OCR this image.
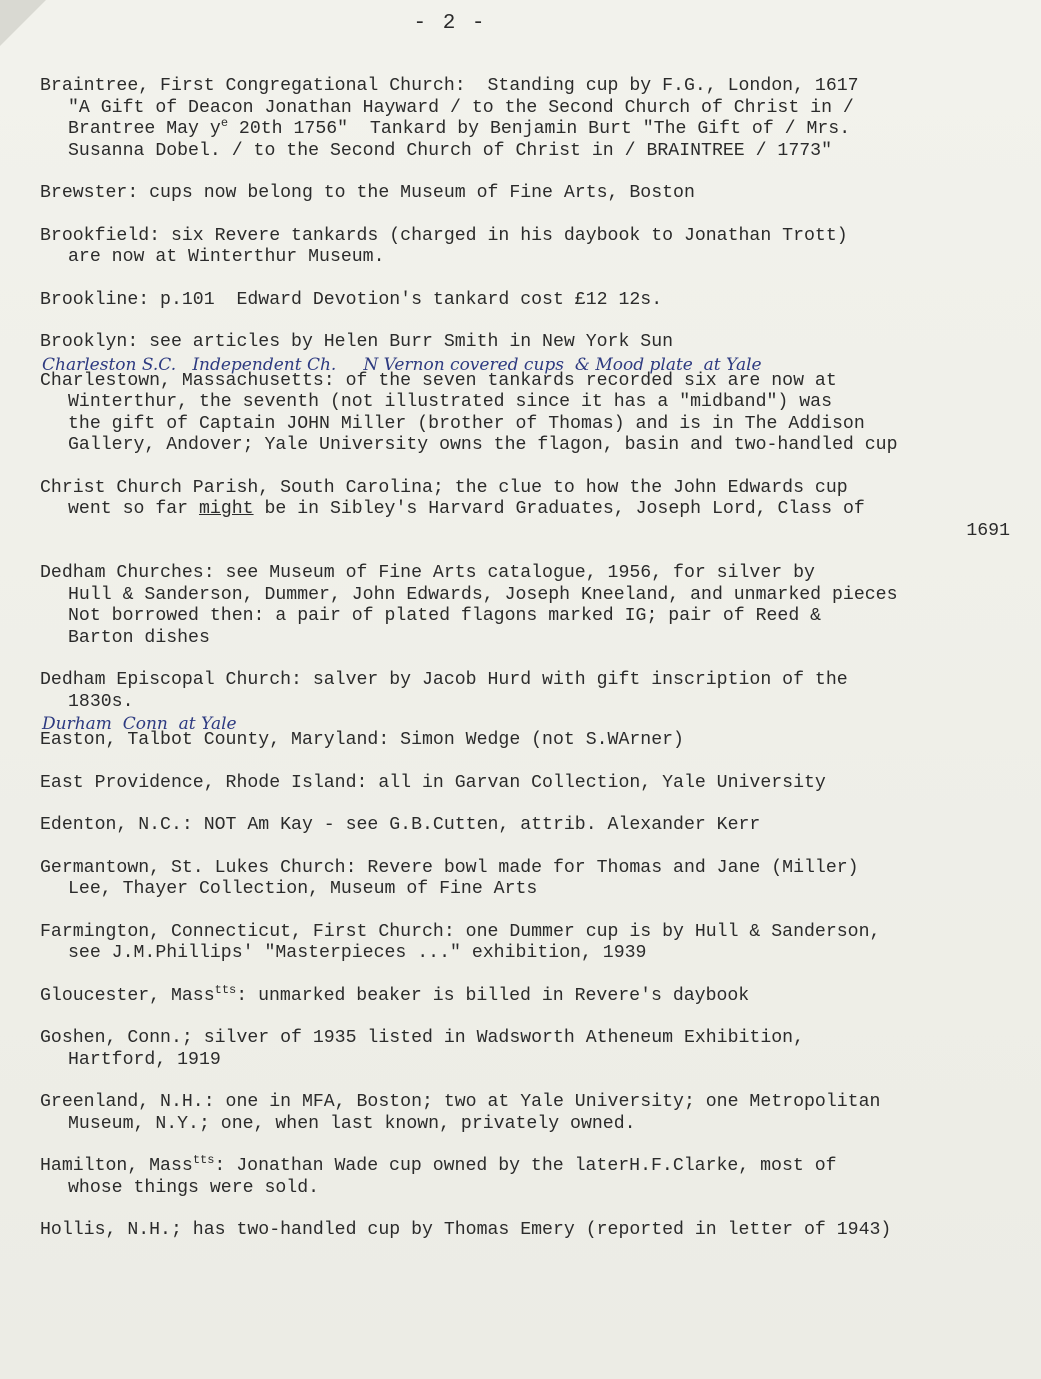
- 2 -
Braintree, First Congregational Church:  Standing cup by F.G., London, 1617
"A Gift of Deacon Jonathan Hayward / to the Second Church of Christ in /
Brantree May $y^e$ 20th 1756"  Tankard by Benjamin Burt "The Gift of / Mrs.
Susanna Dobel. / to the Second Church of Christ in / BRAINTREE / 1773"
Brewster: cups now belong to the Museum of Fine Arts, Boston
Brookfield: six Revere tankards (charged in his daybook to Jonathan Trott)
are now at Winterthur Museum.
Brookline: p.101  Edward Devotion's tankard cost £12 12s.
Brooklyn: see articles by Helen Burr Smith in New York Sun
Charleston S.C.   Independent Ch.     N Vernon covered cups  & Mood plate  at Yale
Charlestown, Massachusetts: of the seven tankards recorded six are now at
Winterthur, the seventh (not illustrated since it has a "midband") was
the gift of Captain JOHN Miller (brother of Thomas) and is in The Addison
Gallery, Andover; Yale University owns the flagon, basin and two-handled cup
Christ Church Parish, South Carolina; the clue to how the John Edwards cup
went so far might be in Sibley's Harvard Graduates, Joseph Lord, Class of
1691
Dedham Churches: see Museum of Fine Arts catalogue, 1956, for silver by
Hull & Sanderson, Dummer, John Edwards, Joseph Kneeland, and unmarked pieces
Not borrowed then: a pair of plated flagons marked IG; pair of Reed &
Barton dishes
Dedham Episcopal Church: salver by Jacob Hurd with gift inscription of the
1830s.
Durham  Conn  at Yale
Easton, Talbot County, Maryland: Simon Wedge (not S.WArner)
East Providence, Rhode Island: all in Garvan Collection, Yale University
Edenton, N.C.: NOT Am Kay - see G.B.Cutten, attrib. Alexander Kerr
Germantown, St. Lukes Church: Revere bowl made for Thomas and Jane (Miller)
Lee, Thayer Collection, Museum of Fine Arts
Farmington, Connecticut, First Church: one Dummer cup is by Hull & Sanderson,
see J.M.Phillips' "Masterpieces ..." exhibition, 1939
Gloucester, Mass$^{tts}$: unmarked beaker is billed in Revere's daybook
Goshen, Conn.; silver of 1935 listed in Wadsworth Atheneum Exhibition,
Hartford, 1919
Greenland, N.H.: one in MFA, Boston; two at Yale University; one Metropolitan
Museum, N.Y.; one, when last known, privately owned.
Hamilton, Mass$^{tts}$: Jonathan Wade cup owned by the laterH.F.Clarke, most of
whose things were sold.
Hollis, N.H.; has two-handled cup by Thomas Emery (reported in letter of 1943)
